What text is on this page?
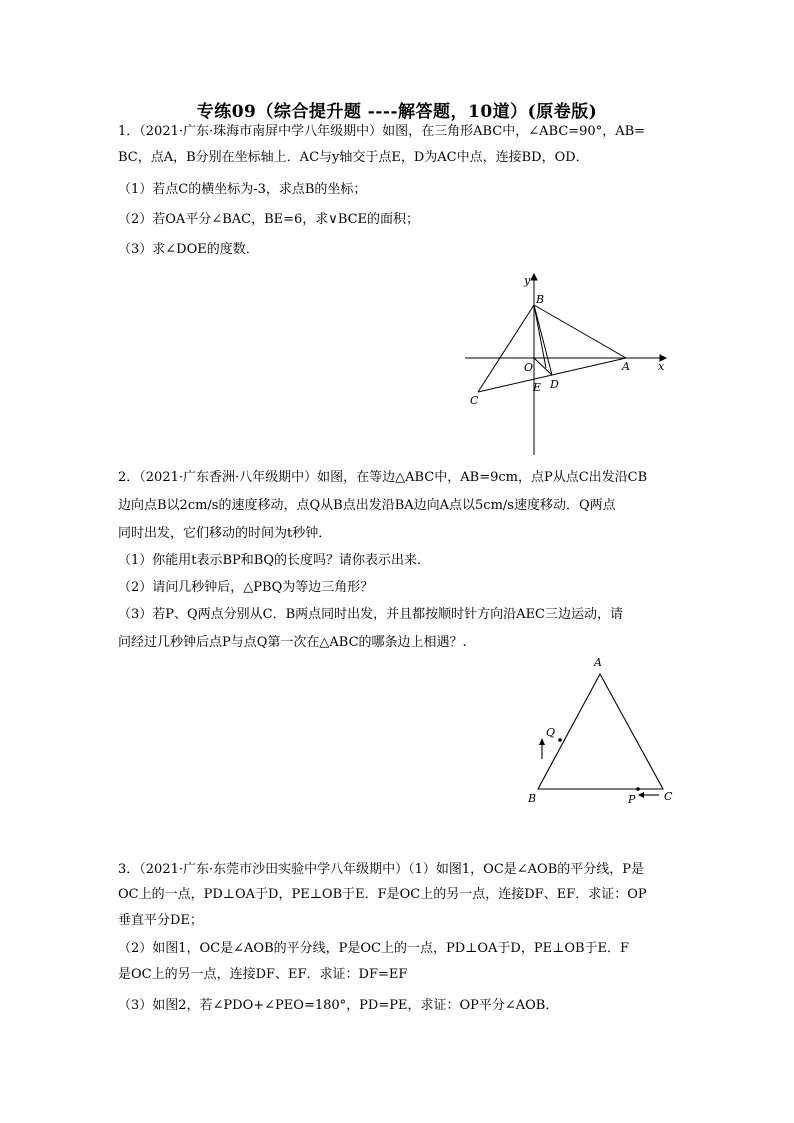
专练09（综合提升题 ----解答题，10道）(原卷版)
1．（2021·广东·珠海市南屏中学八年级期中）如图，在三角形ABC中，∠ABC=90°，AB=
BC，点A，B分别在坐标轴上．AC与y轴交于点E，D为AC中点，连接BD，OD．
（1）若点C的横坐标为-3，求点B的坐标；
（2）若OA平分∠BAC，BE=6，求∨BCE的面积；
（3）求∠DOE的度数．
y
x
B
O	A
E D
C
2．（2021·广东香洲·八年级期中）如图，在等边△ABC中，AB=9cm，点P从点C出发沿CB
边向点B以2cm/s的速度移动，点Q从B点出发沿BA边向A点以5cm/s速度移动．Q两点
同时出发，它们移动的时间为t秒钟．
（1）你能用t表示BP和BQ的长度吗？请你表示出来．
（2）请问几秒钟后，△PBQ为等边三角形？
（3）若P、Q两点分别从C．B两点同时出发，并且都按顺时针方向沿AEC三边运动，请
问经过几秒钟后点P与点Q第一次在△ABC的哪条边上相遇？.
A
Q
B	P	C
3．（2021·广东·东莞市沙田实验中学八年级期中）（1）如图1，OC是∠AOB的平分线，P是
OC上的一点，PD⊥OA于D，PE⊥OB于E．F是OC上的另一点，连接DF、EF．求证：OP
垂直平分DE；
（2）如图1，OC是∠AOB的平分线，P是OC上的一点，PD⊥OA于D，PE⊥OB于E．F
是OC上的另一点，连接DF、EF．求证：DF=EF
（3）如图2，若∠PDO+∠PEO=180°，PD=PE，求证：OP平分∠AOB．
